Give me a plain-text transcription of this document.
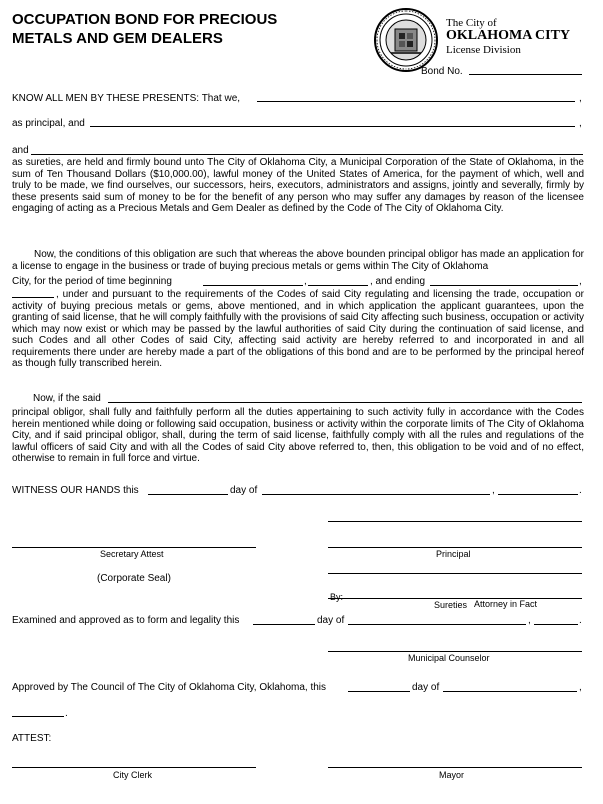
OCCUPATION BOND FOR PRECIOUS
METALS AND GEM DEALERS
The City of
OKLAHOMA CITY
License Division
Bond No.
KNOW ALL MEN BY THESE PRESENTS: That we,	,
as principal, and	,
and
as sureties, are held and firmly bound unto The City of Oklahoma City, a Municipal Corporation of the State of Oklahoma, in the sum of Ten Thousand Dollars ($10,000.00), lawful money of the United States of America, for the payment of which, well and truly to be made, we find ourselves, our successors, heirs, executors, administrators and assigns, jointly and severally, firmly by these presents said sum of money to be for the benefit of any person who may suffer any damages by reason of the licensee engaging of acting as a Precious Metals and Gem Dealer as defined by the Code of The City of Oklahoma City.
Now, the conditions of this obligation are such that whereas the above bounden principal obligor has made an application for a license to engage in the business or trade of buying precious metals or gems within The City of Oklahoma
City, for the period of time beginning	,	, and ending	,
, under and pursuant to the requirements of the Codes of said City regulating and licensing the trade, occupation or activity of buying precious metals or gems, above mentioned, and in which application the applicant guarantees, upon the granting of said license, that he will comply faithfully with the provisions of said City affecting such business, occupation or activity which may now exist or which may be passed by the lawful authorities of said City during the continuation of said license, and such Codes and all other Codes of said City, affecting said activity are hereby referred to and incorporated in and all requirements there under are hereby made a part of the obligations of this bond and are to be performed by the principal hereof as though fully transcribed herein.
Now, if the said
principal obligor, shall fully and faithfully perform all the duties appertaining to such activity fully in accordance with the Codes herein mentioned while doing or following said occupation, business or activity within the corporate limits of The City of Oklahoma City, and if said principal obligor, shall, during the term of said license, faithfully comply with all the rules and regulations of the lawful officers of said City and with all the Codes of said City above referred to, then, this obligation to be void and of no effect, otherwise to remain in full force and virtue.
WITNESS OUR HANDS this	day of	,	.
Secretary Attest	Principal
(Corporate Seal)
By:
Sureties Attorney in Fact
Examined and approved as to form and legality this	day of	,	.
Municipal Counselor
Approved by The Council of The City of Oklahoma City, Oklahoma, this	day of	,
.
ATTEST:
City Clerk	Mayor
